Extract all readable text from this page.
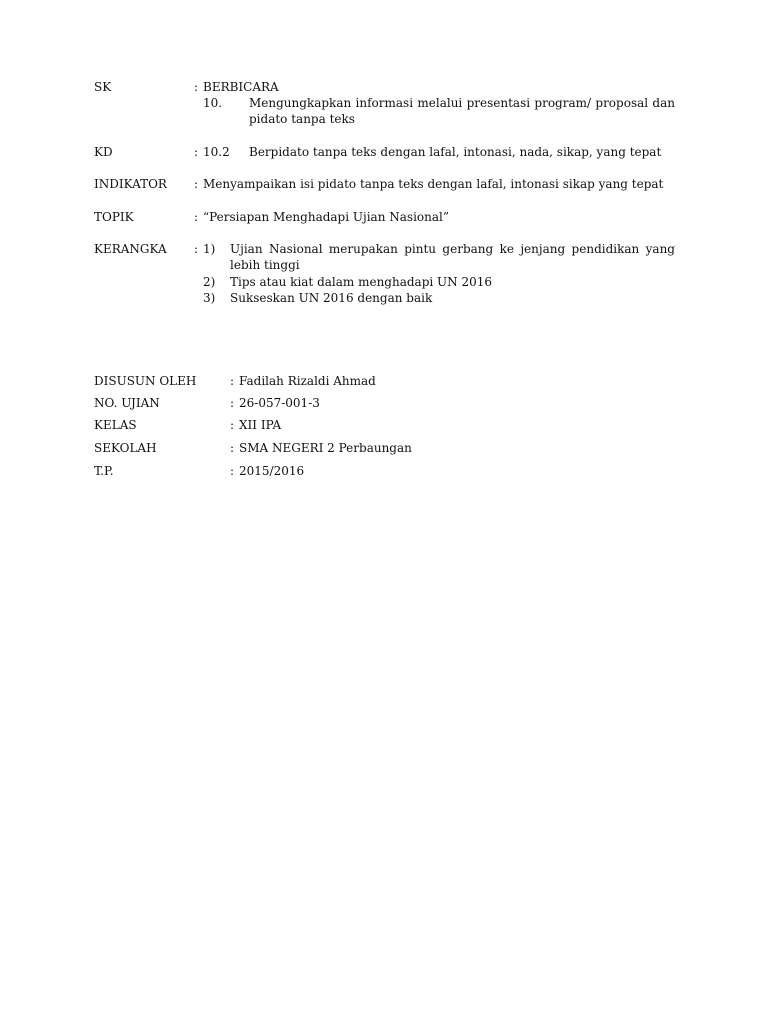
SK	: BERBICARA
10. Mengungkapkan informasi melalui presentasi program/ proposal dan pidato tanpa teks
KD	: 10.2 Berpidato tanpa teks dengan lafal, intonasi, nada, sikap, yang tepat
INDIKATOR : Menyampaikan isi pidato tanpa teks dengan lafal, intonasi sikap yang tepat
TOPIK	: “Persiapan Menghadapi Ujian Nasional”
KERANGKA : 1) Ujian Nasional merupakan pintu gerbang ke jenjang pendidikan yang lebih tinggi
2) Tips atau kiat dalam menghadapi UN 2016
3) Sukseskan UN 2016 dengan baik
DISUSUN OLEH	: Fadilah Rizaldi Ahmad
NO. UJIAN	: 26-057-001-3
KELAS	: XII IPA
SEKOLAH	: SMA NEGERI 2 Perbaungan
T.P.	: 2015/2016
